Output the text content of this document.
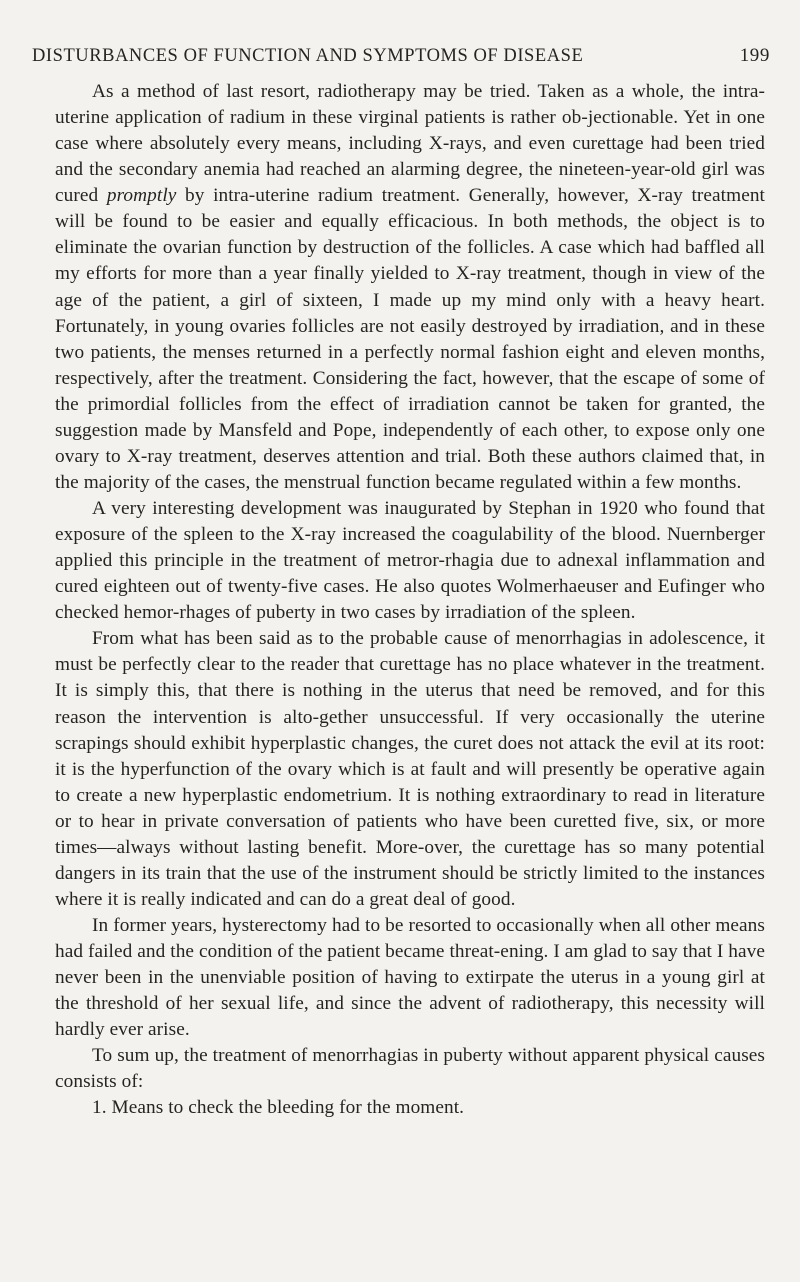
DISTURBANCES OF FUNCTION AND SYMPTOMS OF DISEASE	199

As a method of last resort, radiotherapy may be tried. Taken as a whole, the intra-uterine application of radium in these virginal patients is rather ob-jectionable. Yet in one case where absolutely every means, including X-rays, and even curettage had been tried and the secondary anemia had reached an alarming degree, the nineteen-year-old girl was cured promptly by intra-uterine radium treatment. Generally, however, X-ray treatment will be found to be easier and equally efficacious. In both methods, the object is to eliminate the ovarian function by destruction of the follicles. A case which had baffled all my efforts for more than a year finally yielded to X-ray treatment, though in view of the age of the patient, a girl of sixteen, I made up my mind only with a heavy heart. Fortunately, in young ovaries follicles are not easily destroyed by irradiation, and in these two patients, the menses returned in a perfectly normal fashion eight and eleven months, respectively, after the treatment. Considering the fact, however, that the escape of some of the primordial follicles from the effect of irradiation cannot be taken for granted, the suggestion made by Mansfeld and Pope, independently of each other, to expose only one ovary to X-ray treatment, deserves attention and trial. Both these authors claimed that, in the majority of the cases, the menstrual function became regulated within a few months.

A very interesting development was inaugurated by Stephan in 1920 who found that exposure of the spleen to the X-ray increased the coagulability of the blood. Nuernberger applied this principle in the treatment of metror-rhagia due to adnexal inflammation and cured eighteen out of twenty-five cases. He also quotes Wolmerhaeuser and Eufinger who checked hemor-rhages of puberty in two cases by irradiation of the spleen.

From what has been said as to the probable cause of menorrhagias in adolescence, it must be perfectly clear to the reader that curettage has no place whatever in the treatment. It is simply this, that there is nothing in the uterus that need be removed, and for this reason the intervention is alto-gether unsuccessful. If very occasionally the uterine scrapings should exhibit hyperplastic changes, the curet does not attack the evil at its root: it is the hyperfunction of the ovary which is at fault and will presently be operative again to create a new hyperplastic endometrium. It is nothing extraordinary to read in literature or to hear in private conversation of patients who have been curetted five, six, or more times—always without lasting benefit. More-over, the curettage has so many potential dangers in its train that the use of the instrument should be strictly limited to the instances where it is really indicated and can do a great deal of good.

In former years, hysterectomy had to be resorted to occasionally when all other means had failed and the condition of the patient became threat-ening. I am glad to say that I have never been in the unenviable position of having to extirpate the uterus in a young girl at the threshold of her sexual life, and since the advent of radiotherapy, this necessity will hardly ever arise.

To sum up, the treatment of menorrhagias in puberty without apparent physical causes consists of:

1. Means to check the bleeding for the moment.
